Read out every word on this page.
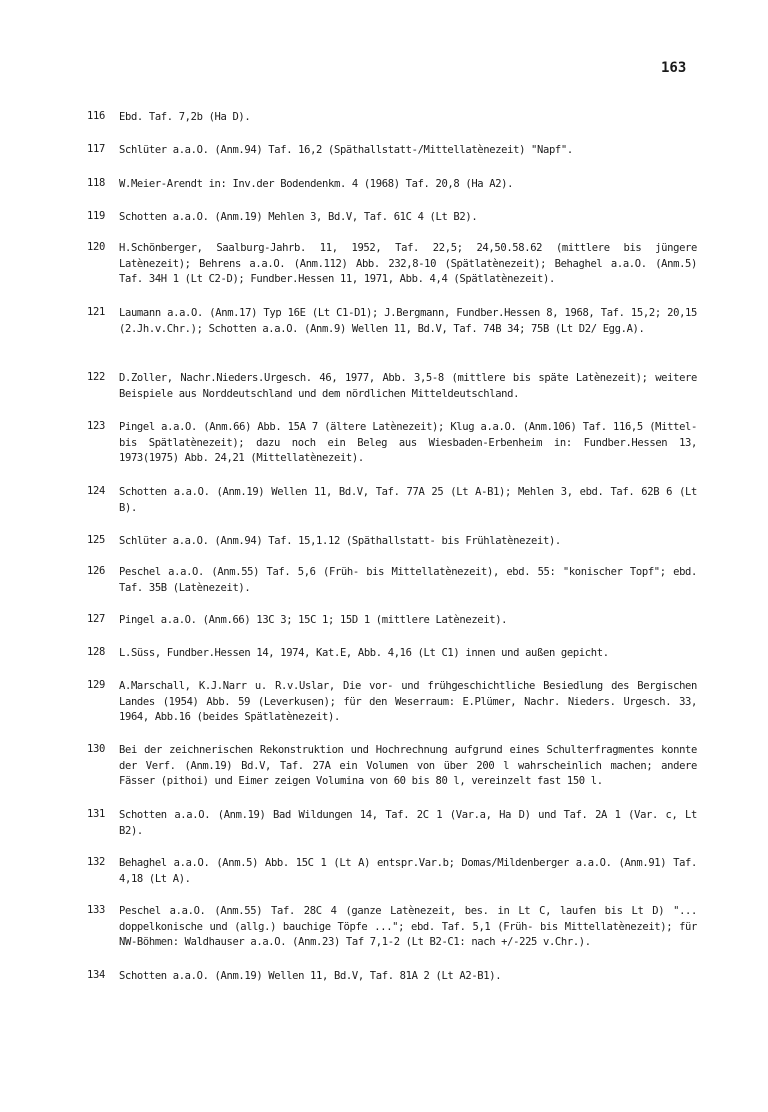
163
116	Ebd. Taf. 7,2b (Ha D).
117	Schlüter a.a.O. (Anm.94) Taf. 16,2 (Späthallstatt-/Mittellatènezeit) "Napf".
118	W.Meier-Arendt in: Inv.der Bodendenkm. 4 (1968) Taf. 20,8 (Ha A2).
119	Schotten a.a.O. (Anm.19) Mehlen 3, Bd.V, Taf. 61C 4 (Lt B2).
120	H.Schönberger, Saalburg-Jahrb. 11, 1952, Taf. 22,5; 24,50.58.62 (mittlere bis jüngere Latènezeit); Behrens a.a.O. (Anm.112) Abb. 232,8-10 (Spätlatènezeit); Behaghel a.a.O. (Anm.5) Taf. 34H 1 (Lt C2-D); Fundber.Hessen 11, 1971, Abb. 4,4 (Spätlatènezeit).
121	Laumann a.a.O. (Anm.17) Typ 16E (Lt C1-D1); J.Bergmann, Fundber.Hessen 8, 1968, Taf. 15,2; 20,15 (2.Jh.v.Chr.); Schotten a.a.O. (Anm.9) Wellen 11, Bd.V, Taf. 74B 34; 75B (Lt D2/ Egg.A).
122	D.Zoller, Nachr.Nieders.Urgesch. 46, 1977, Abb. 3,5-8 (mittlere bis späte Latènezeit); weitere Beispiele aus Norddeutschland und dem nördlichen Mitteldeutschland.
123	Pingel a.a.O. (Anm.66) Abb. 15A 7 (ältere Latènezeit); Klug a.a.O. (Anm.106) Taf. 116,5 (Mittel- bis Spätlatènezeit); dazu noch ein Beleg aus Wiesbaden-Erbenheim in: Fundber.Hessen 13, 1973(1975) Abb. 24,21 (Mittellatènezeit).
124	Schotten a.a.O. (Anm.19) Wellen 11, Bd.V, Taf. 77A 25 (Lt A-B1); Mehlen 3, ebd. Taf. 62B 6 (Lt B).
125	Schlüter a.a.O. (Anm.94) Taf. 15,1.12 (Späthallstatt- bis Frühlatènezeit).
126	Peschel a.a.O. (Anm.55) Taf. 5,6 (Früh- bis Mittellatènezeit), ebd. 55: "konischer Topf"; ebd. Taf. 35B (Latènezeit).
127	Pingel a.a.O. (Anm.66) 13C 3; 15C 1; 15D 1 (mittlere Latènezeit).
128	L.Süss, Fundber.Hessen 14, 1974, Kat.E, Abb. 4,16 (Lt C1) innen und außen gepicht.
129	A.Marschall, K.J.Narr u. R.v.Uslar, Die vor- und frühgeschichtliche Besiedlung des Bergischen Landes (1954) Abb. 59 (Leverkusen); für den Weserraum: E.Plümer, Nachr. Nieders. Urgesch. 33, 1964, Abb.16 (beides Spätlatènezeit).
130	Bei der zeichnerischen Rekonstruktion und Hochrechnung aufgrund eines Schulterfragmentes konnte der Verf. (Anm.19) Bd.V, Taf. 27A ein Volumen von über 200 l wahrscheinlich machen; andere Fässer (pithoi) und Eimer zeigen Volumina von 60 bis 80 l, vereinzelt fast 150 l.
131	Schotten a.a.O. (Anm.19) Bad Wildungen 14, Taf. 2C 1 (Var.a, Ha D) und Taf. 2A 1 (Var. c, Lt B2).
132	Behaghel a.a.O. (Anm.5) Abb. 15C 1 (Lt A) entspr.Var.b; Domas/Mildenberger a.a.O. (Anm.91) Taf. 4,18 (Lt A).
133	Peschel a.a.O. (Anm.55) Taf. 28C 4 (ganze Latènezeit, bes. in Lt C, laufen bis Lt D) "... doppelkonische und (allg.) bauchige Töpfe ..."; ebd. Taf. 5,1 (Früh- bis Mittellatènezeit); für NW-Böhmen: Waldhauser a.a.O. (Anm.23) Taf 7,1-2 (Lt B2-C1: nach +/-225 v.Chr.).
134	Schotten a.a.O. (Anm.19) Wellen 11, Bd.V, Taf. 81A 2 (Lt A2-B1).
